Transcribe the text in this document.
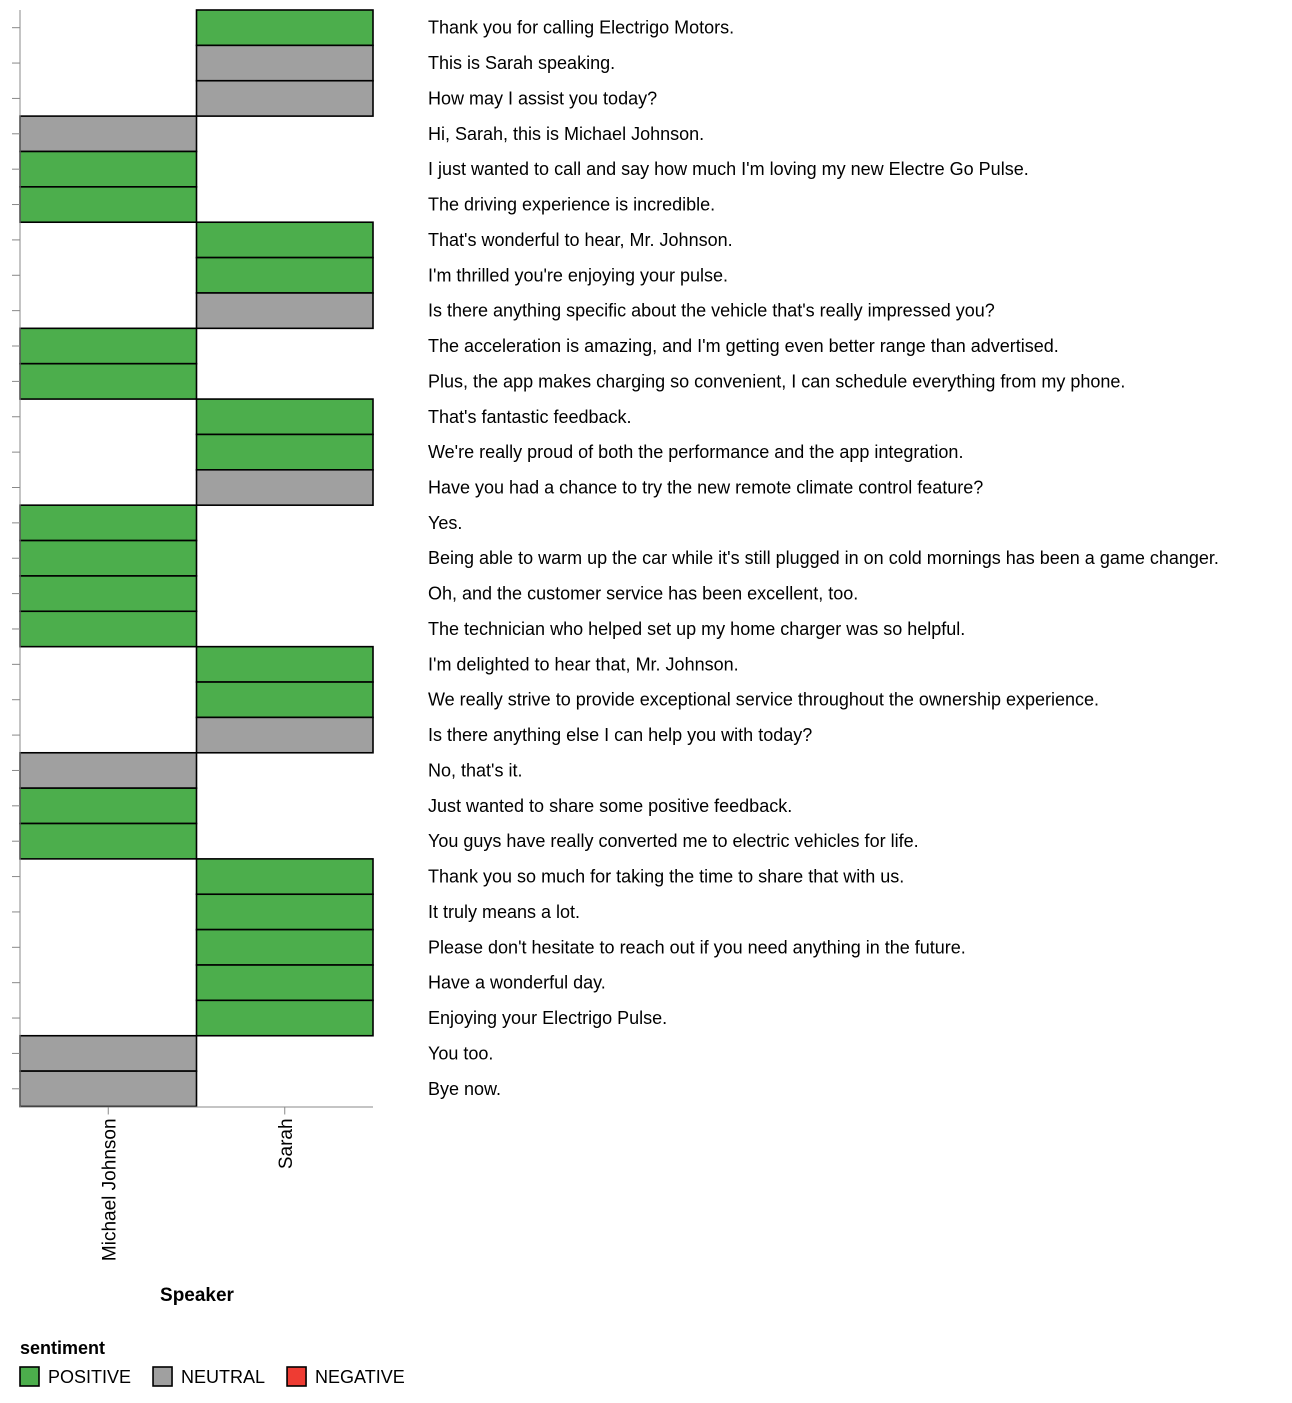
Michael Johnson	Sarah
Speaker
Thank you for calling Electrigo Motors.
This is Sarah speaking.
How may I assist you today?
Hi, Sarah, this is Michael Johnson.
I just wanted to call and say how much I'm loving my new Electre Go Pulse.
The driving experience is incredible.
That's wonderful to hear, Mr. Johnson.
I'm thrilled you're enjoying your pulse.
Is there anything specific about the vehicle that's really impressed you?
The acceleration is amazing, and I'm getting even better range than advertised.
Plus, the app makes charging so convenient, I can schedule everything from my phone.
That's fantastic feedback.
We're really proud of both the performance and the app integration.
Have you had a chance to try the new remote climate control feature?
Yes.
Being able to warm up the car while it's still plugged in on cold mornings has been a game changer.
Oh, and the customer service has been excellent, too.
The technician who helped set up my home charger was so helpful.
I'm delighted to hear that, Mr. Johnson.
We really strive to provide exceptional service throughout the ownership experience.
Is there anything else I can help you with today?
No, that's it.
Just wanted to share some positive feedback.
You guys have really converted me to electric vehicles for life.
Thank you so much for taking the time to share that with us.
It truly means a lot.
Please don't hesitate to reach out if you need anything in the future.
Have a wonderful day.
Enjoying your Electrigo Pulse.
You too.
Bye now.
sentiment
POSITIVE	NEUTRAL	NEGATIVE
